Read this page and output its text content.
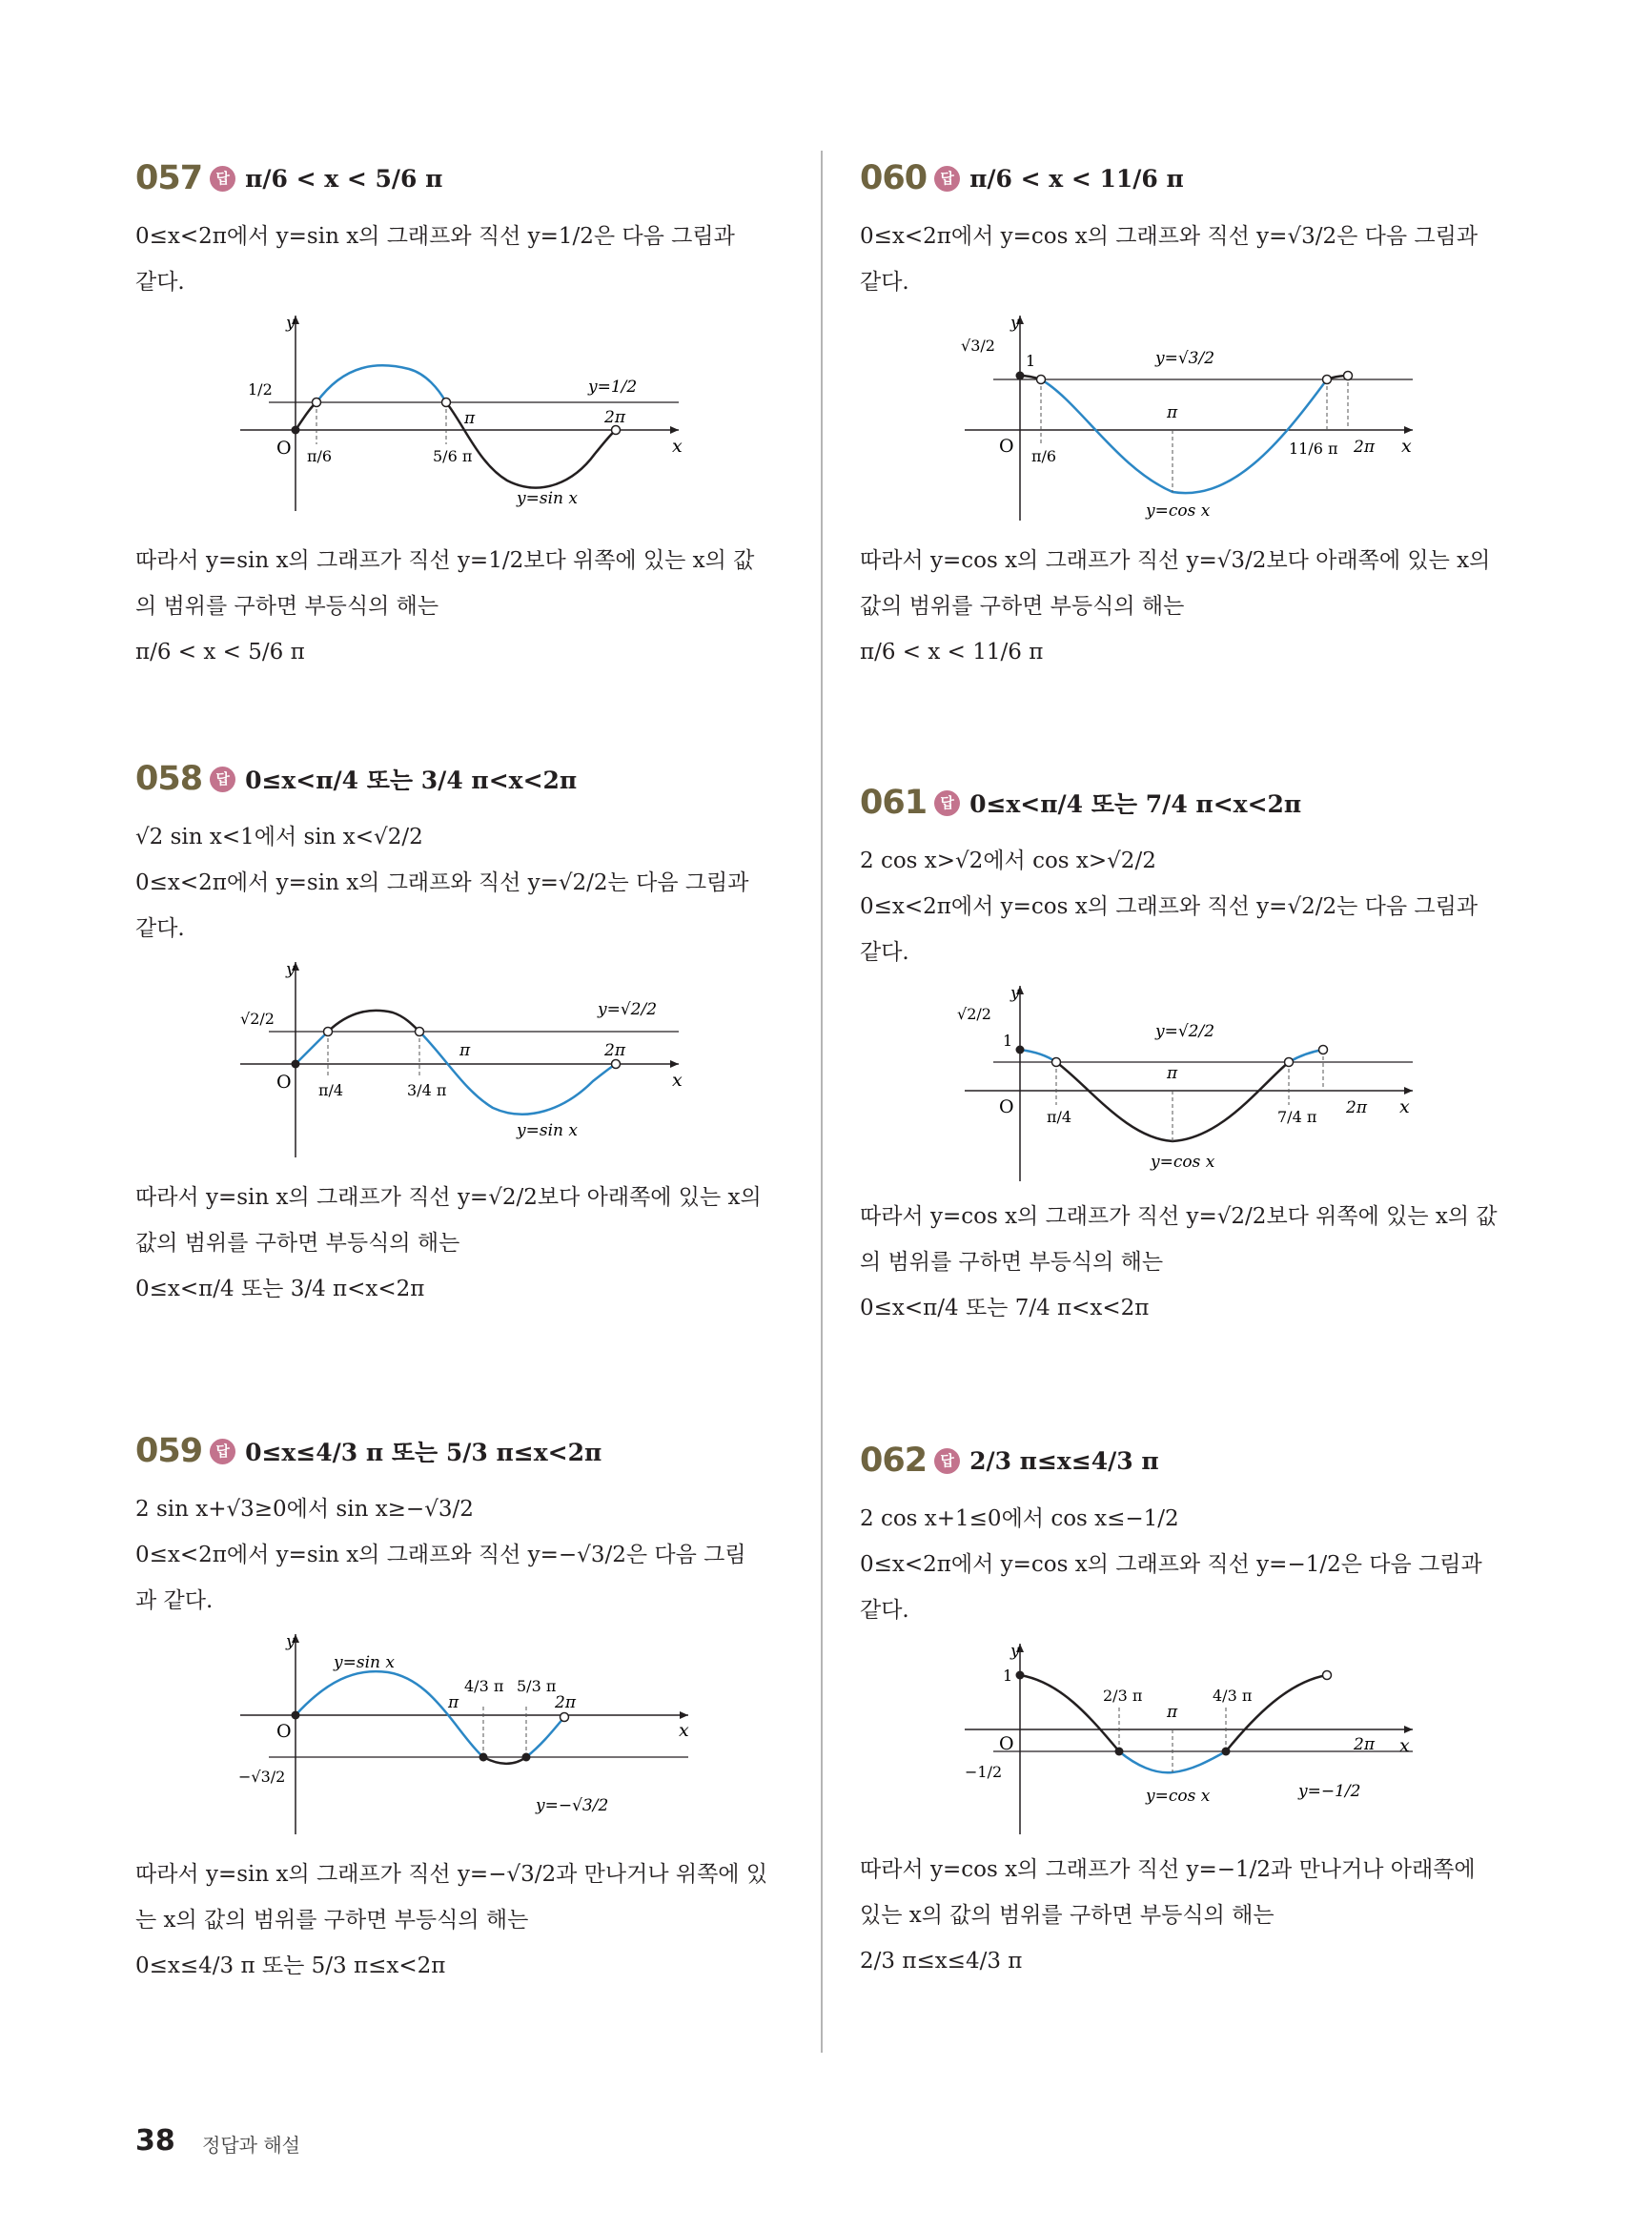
057 답 π/6 < x < 5/6 π
0≤x<2π에서 y=sin x의 그래프와 직선 y=1/2은 다음 그림과
같다.
y
x
O
1/2	y=1/2
π/6	5/6 π
π	2π
y=sin x
따라서 y=sin x의 그래프가 직선 y=1/2보다 위쪽에 있는 x의 값
의 범위를 구하면 부등식의 해는
π/6 < x < 5/6 π
058 답 0≤x<π/4 또는 3/4 π<x<2π
√2 sin x<1에서 sin x<√2/2
0≤x<2π에서 y=sin x의 그래프와 직선 y=√2/2는 다음 그림과
같다.
y
x
O
√2/2	y=√2/2
π/4	3/4 π
π	2π
y=sin x
따라서 y=sin x의 그래프가 직선 y=√2/2보다 아래쪽에 있는 x의
값의 범위를 구하면 부등식의 해는
0≤x<π/4 또는 3/4 π<x<2π
059 답 0≤x≤4/3 π 또는 5/3 π≤x<2π
2 sin x+√3≥0에서 sin x≥−√3/2
0≤x<2π에서 y=sin x의 그래프와 직선 y=−√3/2은 다음 그림
과 같다.
y
x
O
−√3/2
y=sin x
y=−√3/2
π
4/3 π 5/3 π
2π
따라서 y=sin x의 그래프가 직선 y=−√3/2과 만나거나 위쪽에 있
는 x의 값의 범위를 구하면 부등식의 해는
0≤x≤4/3 π 또는 5/3 π≤x<2π
060 답 π/6 < x < 11/6 π
0≤x<2π에서 y=cos x의 그래프와 직선 y=√3/2은 다음 그림과
같다.
y
x
O
√3/2
1	y=√3/2
π/6
π
11/6 π 2π
y=cos x
따라서 y=cos x의 그래프가 직선 y=√3/2보다 아래쪽에 있는 x의
값의 범위를 구하면 부등식의 해는
π/6 < x < 11/6 π
061 답 0≤x<π/4 또는 7/4 π<x<2π
2 cos x>√2에서 cos x>√2/2
0≤x<2π에서 y=cos x의 그래프와 직선 y=√2/2는 다음 그림과
같다.
y
x
O
√2/2
1	y=√2/2
π/4
π
7/4 π 2π
y=cos x
따라서 y=cos x의 그래프가 직선 y=√2/2보다 위쪽에 있는 x의 값
의 범위를 구하면 부등식의 해는
0≤x<π/4 또는 7/4 π<x<2π
062 답 2/3 π≤x≤4/3 π
2 cos x+1≤0에서 cos x≤−1/2
0≤x<2π에서 y=cos x의 그래프와 직선 y=−1/2은 다음 그림과
같다.
y
x
O
1
−1/2
y=−1/2
2/3 π
π
4/3 π
2π
y=cos x
따라서 y=cos x의 그래프가 직선 y=−1/2과 만나거나 아래쪽에
있는 x의 값의 범위를 구하면 부등식의 해는
2/3 π≤x≤4/3 π
38 정답과 해설
